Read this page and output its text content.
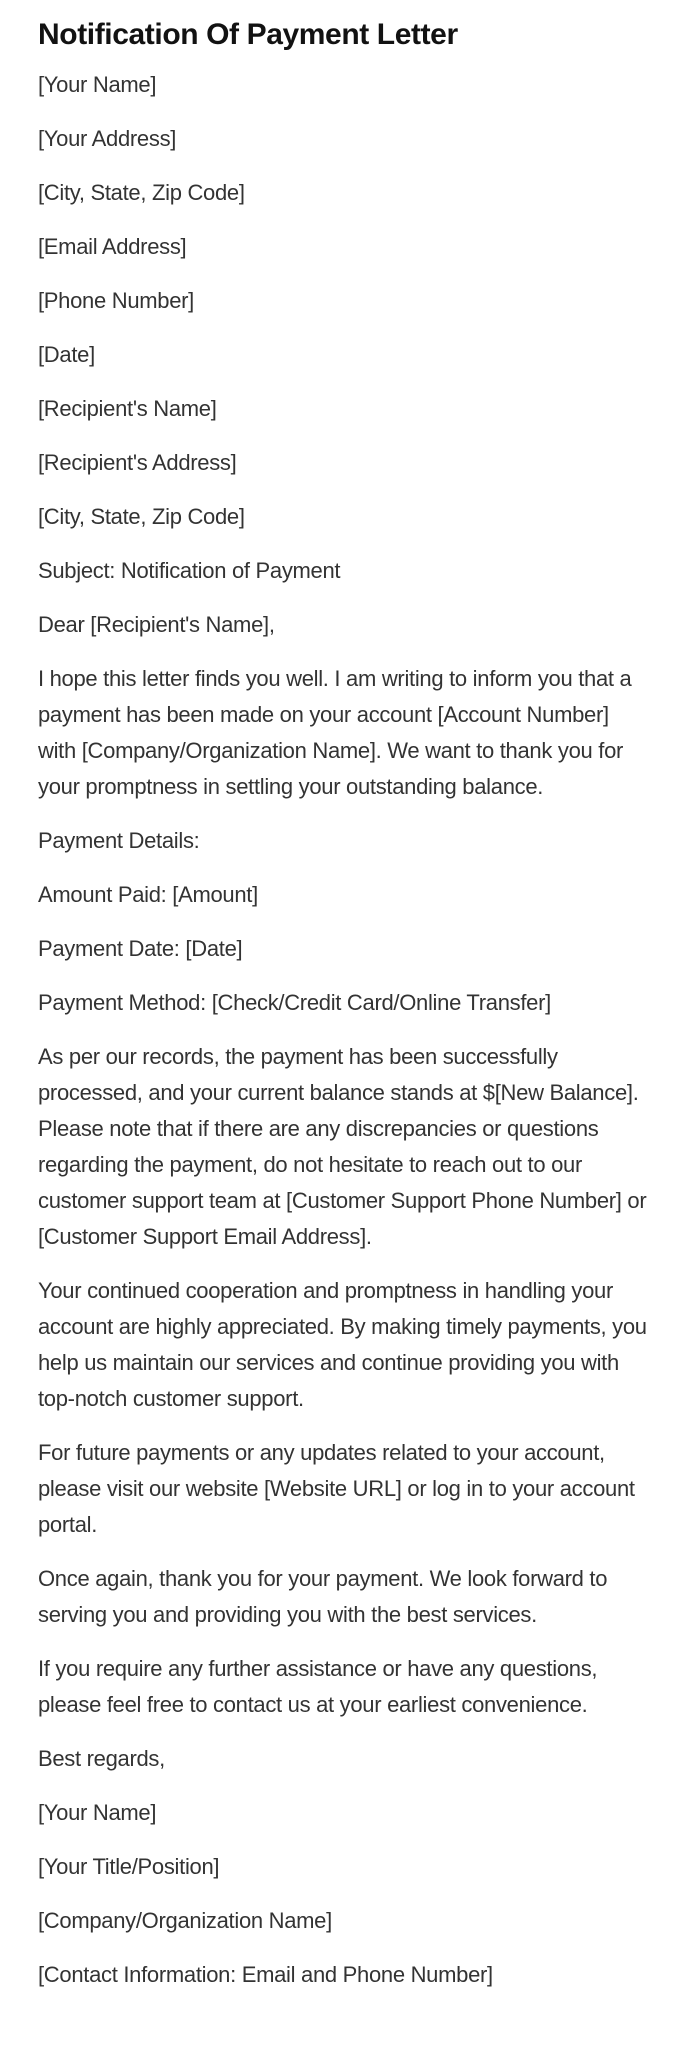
Notification Of Payment Letter

[Your Name]

[Your Address]

[City, State, Zip Code]

[Email Address]

[Phone Number]

[Date]

[Recipient's Name]

[Recipient's Address]

[City, State, Zip Code]

Subject: Notification of Payment

Dear [Recipient's Name],

I hope this letter finds you well. I am writing to inform you that a payment has been made on your account [Account Number] with [Company/Organization Name]. We want to thank you for your promptness in settling your outstanding balance.

Payment Details:

Amount Paid: [Amount]

Payment Date: [Date]

Payment Method: [Check/Credit Card/Online Transfer]

As per our records, the payment has been successfully processed, and your current balance stands at $[New Balance]. Please note that if there are any discrepancies or questions regarding the payment, do not hesitate to reach out to our customer support team at [Customer Support Phone Number] or [Customer Support Email Address].

Your continued cooperation and promptness in handling your account are highly appreciated. By making timely payments, you help us maintain our services and continue providing you with top-notch customer support.

For future payments or any updates related to your account, please visit our website [Website URL] or log in to your account portal.

Once again, thank you for your payment. We look forward to serving you and providing you with the best services.

If you require any further assistance or have any questions, please feel free to contact us at your earliest convenience.

Best regards,

[Your Name]

[Your Title/Position]

[Company/Organization Name]

[Contact Information: Email and Phone Number]
